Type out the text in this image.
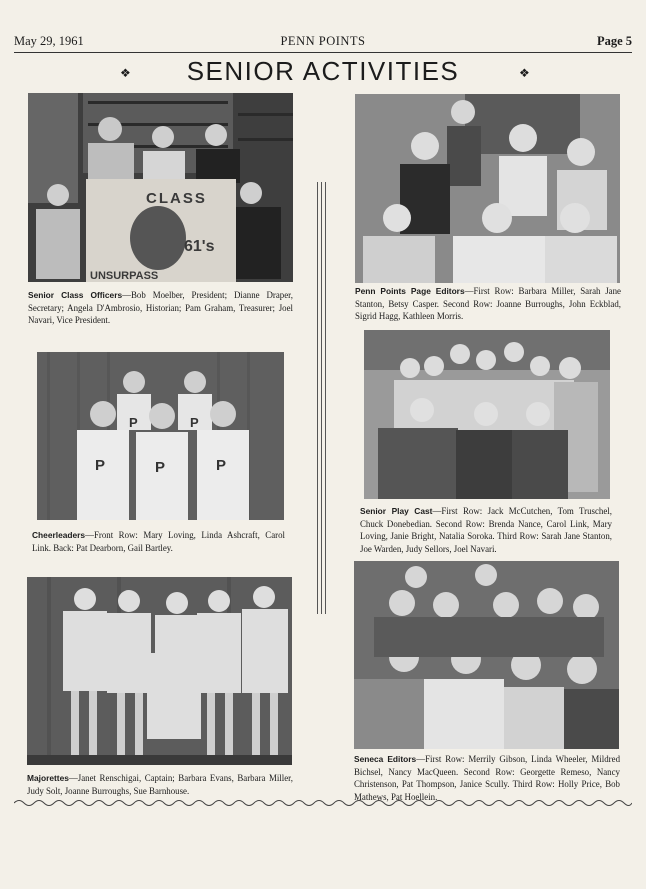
May 29, 1961	PENN POINTS	Page 5
❖	SENIOR ACTIVITIES	❖
CLASS
61's
UNSURPASS
Senior Class Officers—Bob Moelber, President; Dianne Draper, Secretary; Angela D'Ambrosio, Historian; Pam Graham, Treasurer; Joel Navari, Vice President.
Penn Points Page Editors—First Row: Barbara Miller, Sarah Jane Stanton, Betsy Casper. Second Row: Joanne Burroughs, John Eckblad, Sigrid Hagg, Kathleen Morris.
P	P
P	P	P
Cheerleaders—Front Row: Mary Loving, Linda Ashcraft, Carol Link. Back: Pat Dearborn, Gail Bartley.
Senior Play Cast—First Row: Jack McCutchen, Tom Truschel, Chuck Donebedian. Second Row: Brenda Nance, Carol Link, Mary Loving, Janie Bright, Natalia Soroka. Third Row: Sarah Jane Stanton, Joe Warden, Judy Sellors, Joel Navari.
Majorettes—Janet Renschigai, Captain; Barbara Evans, Barbara Miller, Judy Solt, Joanne Burroughs, Sue Barnhouse.
Seneca Editors—First Row: Merrily Gibson, Linda Wheeler, Mildred Bichsel, Nancy MacQueen. Second Row: Georgette Remeso, Nancy Christenson, Pat Thompson, Janice Scully. Third Row: Holly Price, Bob Mathews, Pat Hoellein.
